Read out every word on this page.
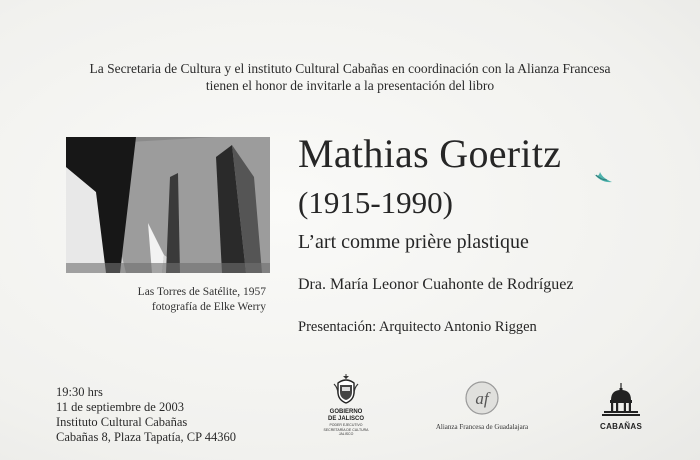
La Secretaria de Cultura y el instituto Cultural Cabañas en coordinación con la Alianza Francesa
tienen el honor de invitarle a la presentación del libro
Las Torres de Satélite, 1957
fotografía de Elke Werry
Mathias Goeritz
(1915-1990)
L’art comme prière plastique
Dra. María Leonor Cuahonte de Rodríguez
Presentación: Arquitecto Antonio Riggen
19:30 hrs
11 de septiembre de 2003
Instituto Cultural Cabañas
Cabañas 8, Plaza Tapatía, CP 44360
GOBIERNO
DE JALISCO
PODER EJECUTIVO
SECRETARÍA DE CULTURA
JALISCO
af
Alianza Francesa de Guadalajara	CABAÑAS
